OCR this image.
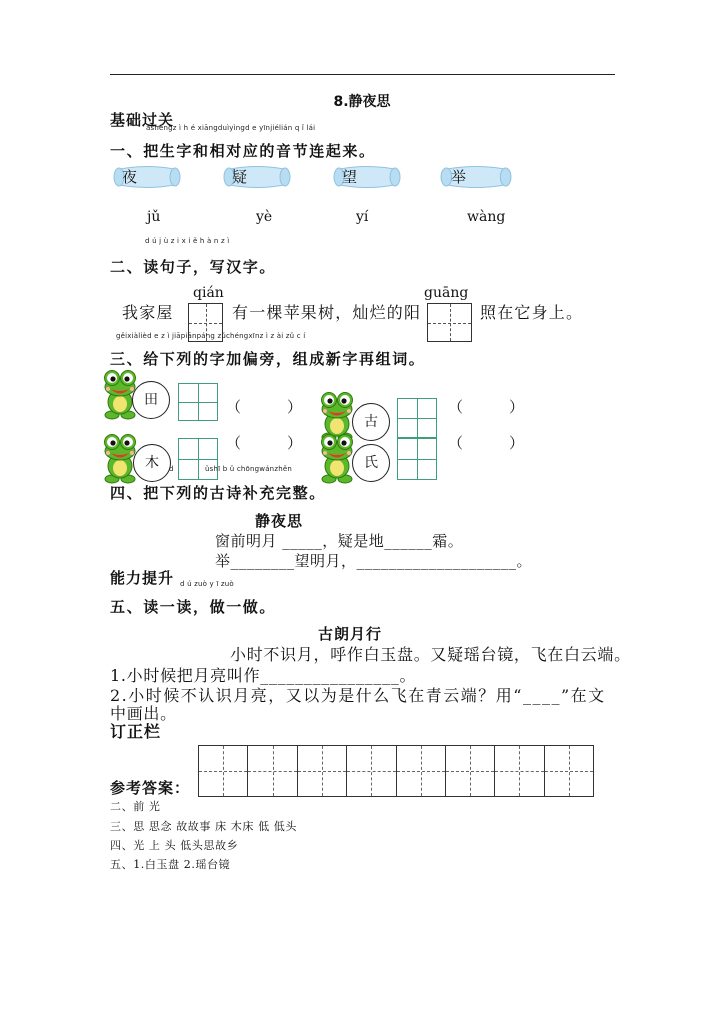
8.静夜思
基础过关
ǎshēngz ì h é xiāngduìyìngd e yīnjiélián q ǐ lái
一、把生字和相对应的音节连起来。
夜	疑	望	举
jǔ	yè	yí	wàng
d ú j ù z i x i ě h à n z ì
二、读句子，写汉字。
qián	guāng
我家屋	有一棵苹果树，灿烂的阳	照在它身上。
gěixiàlièd e z ì jiāpiānpáng zǔchéngxīnz ì z ài zǔ c í
三、给下列的字加偏旁，组成新字再组词。
田	（	）
古
（	）
木
（	）
氏
（	）
d	ǔshī b ǔ chōngwánzhěn
四、把下列的古诗补充完整。
静夜思
窗前明月 _____，疑是地______霜。
举________望明月，____________________。
能力提升 d ú zuò y ī zuò
五、读一读，做一做。
古朗月行
小时不识月，呼作白玉盘。又疑瑶台镜，飞在白云端。
1.小时候把月亮叫作________________。
2.小时候不认识月亮，又以为是什么飞在青云端？用“____”在文
中画出。
订正栏
参考答案：
二、前 光
三、思 思念 故故事 床 木床 低 低头
四、光 上 头 低头思故乡
五、1.白玉盘 2.瑶台镜
